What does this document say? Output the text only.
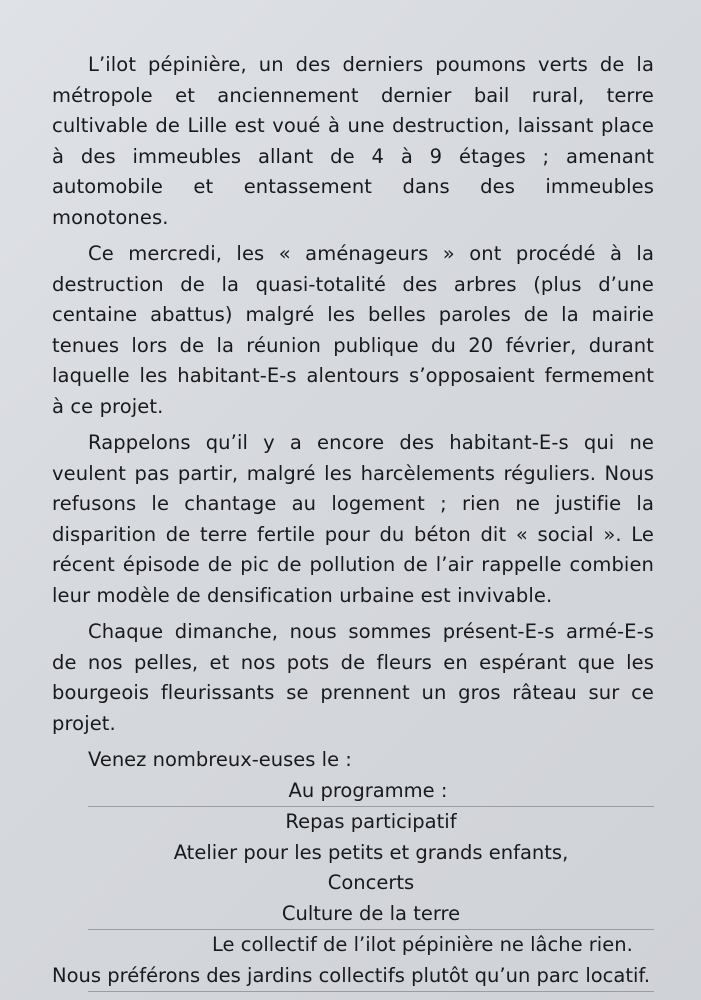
L’ilot pépinière, un des derniers poumons verts de la métropole et anciennement dernier bail rural, terre cultivable de Lille est voué à une destruction, laissant place à des immeubles allant de 4 à 9 étages ; amenant automobile et entassement dans des immeubles monotones.

Ce mercredi, les « aménageurs » ont procédé à la destruction de la quasi-totalité des arbres (plus d’une centaine abattus) malgré les belles paroles de la mairie tenues lors de la réunion publique du 20 février, durant laquelle les habitant-E-s alentours s’opposaient fermement à ce projet.

Rappelons qu’il y a encore des habitant-E-s qui ne veulent pas partir, malgré les harcèlements réguliers. Nous refusons le chantage au logement ; rien ne justifie la disparition de terre fertile pour du béton dit « social ». Le récent épisode de pic de pollution de l’air rappelle combien leur modèle de densification urbaine est invivable.

Chaque dimanche, nous sommes présent-E-s armé-E-s de nos pelles, et nos pots de fleurs en espérant que les bourgeois fleurissants se prennent un gros râteau sur ce projet.

Venez nombreux-euses le :

Au programme :

Repas participatif
Atelier pour les petits et grands enfants,
Concerts
Culture de la terre

Le collectif de l’ilot pépinière ne lâche rien.
Nous préférons des jardins collectifs plutôt qu’un parc locatif.
